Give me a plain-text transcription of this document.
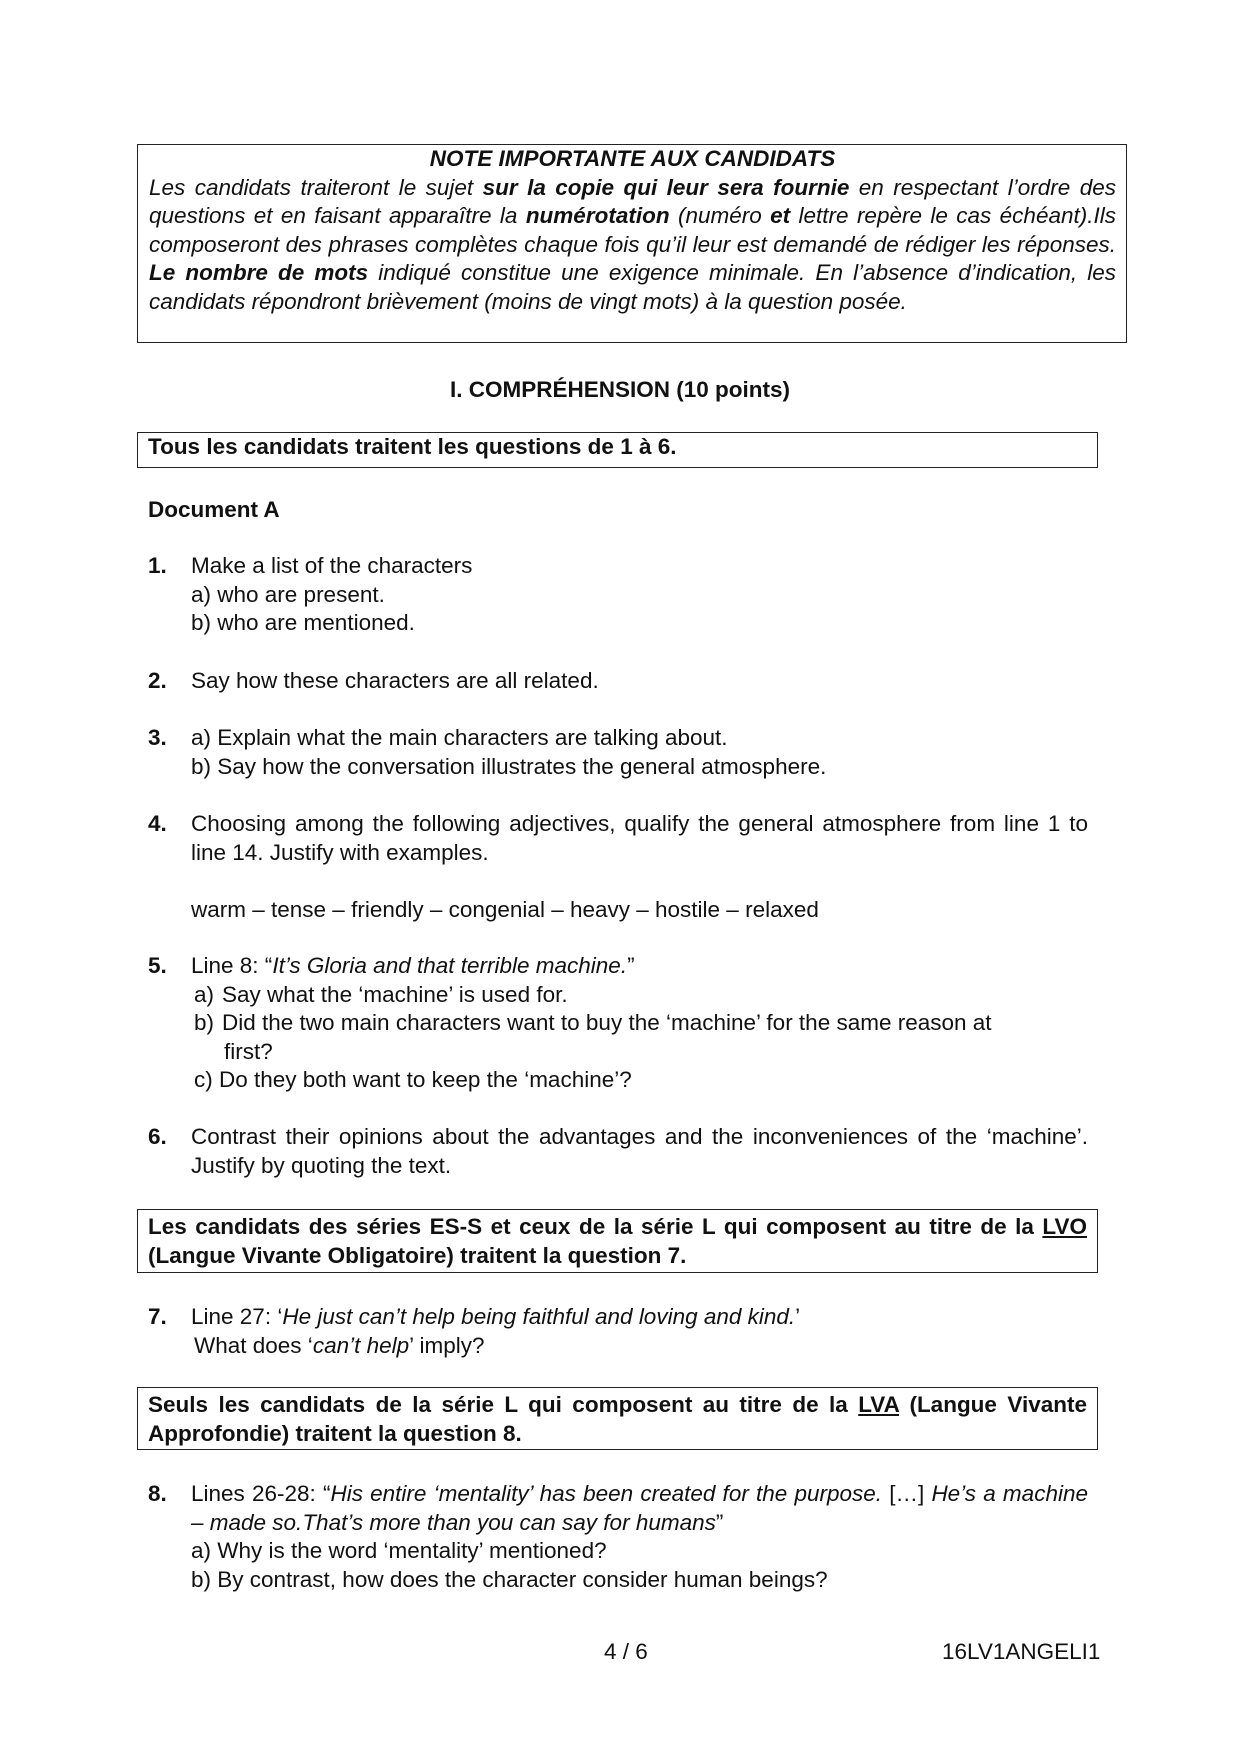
NOTE IMPORTANTE AUX CANDIDATS
Les candidats traiteront le sujet sur la copie qui leur sera fournie en respectant l’ordre des questions et en faisant apparaître la numérotation (numéro et lettre repère le cas échéant).Ils composeront des phrases complètes chaque fois qu’il leur est demandé de rédiger les réponses. Le nombre de mots indiqué constitue une exigence minimale. En l’absence d’indication, les candidats répondront brièvement (moins de vingt mots) à la question posée.
I. COMPRÉHENSION (10 points)
Tous les candidats traitent les questions de 1 à 6.
Document A
1. Make a list of the characters
a) who are present.
b) who are mentioned.
2. Say how these characters are all related.
3. a) Explain what the main characters are talking about.
b) Say how the conversation illustrates the general atmosphere.
4. Choosing among the following adjectives, qualify the general atmosphere from line 1 to line 14. Justify with examples.
warm – tense – friendly – congenial – heavy – hostile – relaxed
5. Line 8: “It’s Gloria and that terrible machine.”
a) Say what the ‘machine’ is used for.
b) Did the two main characters want to buy the ‘machine’ for the same reason at
first?
c) Do they both want to keep the ‘machine’?
6. Contrast their opinions about the advantages and the inconveniences of the ‘machine’. Justify by quoting the text.
Les candidats des séries ES-S et ceux de la série L qui composent au titre de la LVO (Langue Vivante Obligatoire) traitent la question 7.
7. Line 27: ‘He just can’t help being faithful and loving and kind.’
What does ‘can’t help’ imply?
Seuls les candidats de la série L qui composent au titre de la LVA (Langue Vivante Approfondie) traitent la question 8.
8. Lines 26-28: “His entire ‘mentality’ has been created for the purpose. […] He’s a machine – made so.That’s more than you can say for humans”
a) Why is the word ‘mentality’ mentioned?
b) By contrast, how does the character consider human beings?
4 / 6	16LV1ANGELI1
